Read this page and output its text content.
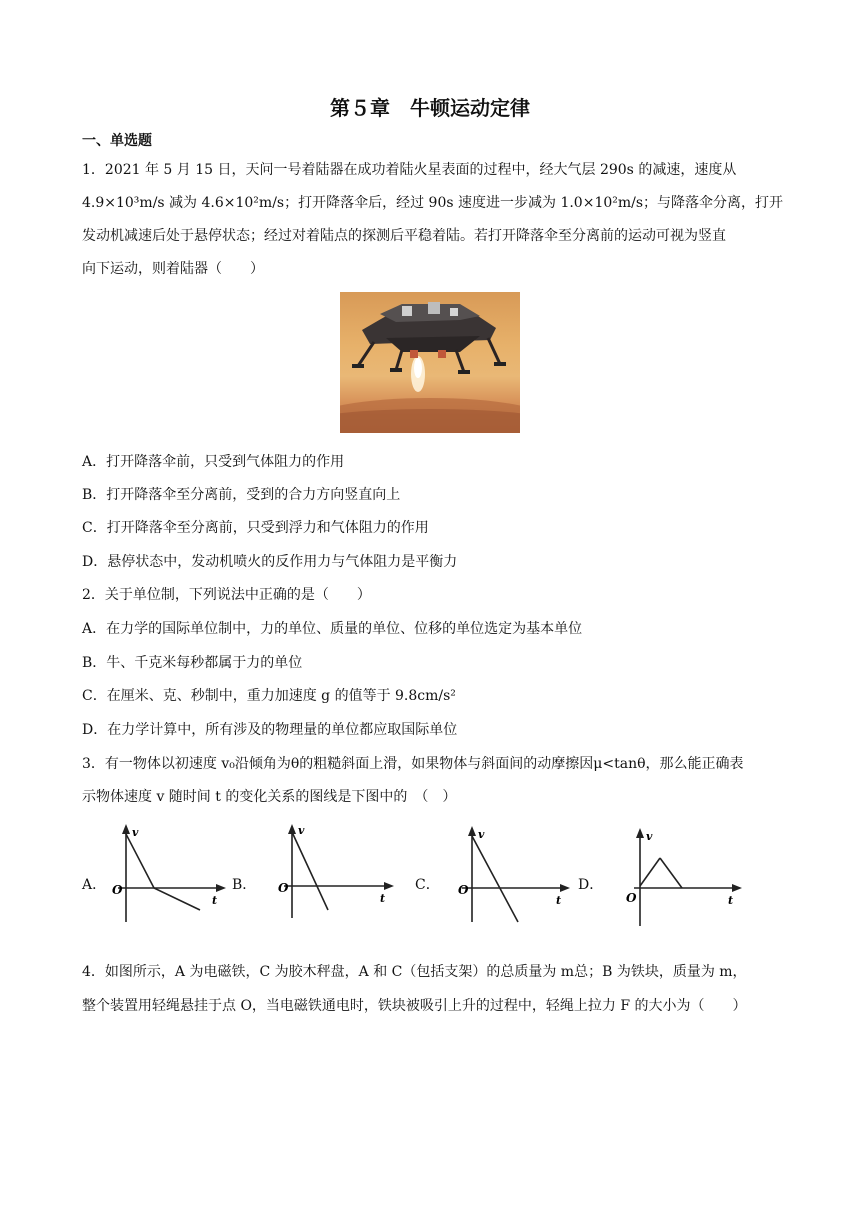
第５章　牛顿运动定律
一、单选题
1．2021 年 5 月 15 日，天问一号着陆器在成功着陆火星表面的过程中，经大气层 290s 的减速，速度从
4.9×10³m/s 减为 4.6×10²m/s；打开降落伞后，经过 90s 速度进一步减为 1.0×10²m/s；与降落伞分离，打开
发动机减速后处于悬停状态；经过对着陆点的探测后平稳着陆。若打开降落伞至分离前的运动可视为竖直
向下运动，则着陆器（　　）
A．打开降落伞前，只受到气体阻力的作用
B．打开降落伞至分离前，受到的合力方向竖直向上
C．打开降落伞至分离前，只受到浮力和气体阻力的作用
D．悬停状态中，发动机喷火的反作用力与气体阻力是平衡力
2．关于单位制，下列说法中正确的是（　　）
A．在力学的国际单位制中，力的单位、质量的单位、位移的单位选定为基本单位
B．牛、千克米每秒都属于力的单位
C．在厘米、克、秒制中，重力加速度 g 的值等于 9.8cm/s²
D．在力学计算中，所有涉及的物理量的单位都应取国际单位
3．有一物体以初速度 v₀沿倾角为θ的粗糙斜面上滑，如果物体与斜面间的动摩擦因μ<tanθ，那么能正确表
示物体速度 v 随时间 t 的变化关系的图线是下图中的　（　）
A．
v
O
t
B．
v
O
t
C．
v
O
t
D．
v
O	t
4．如图所示，A 为电磁铁，C 为胶木秤盘，A 和 C（包括支架）的总质量为 m总；B 为铁块，质量为 m，
整个装置用轻绳悬挂于点 O，当电磁铁通电时，铁块被吸引上升的过程中，轻绳上拉力 F 的大小为（　　）
